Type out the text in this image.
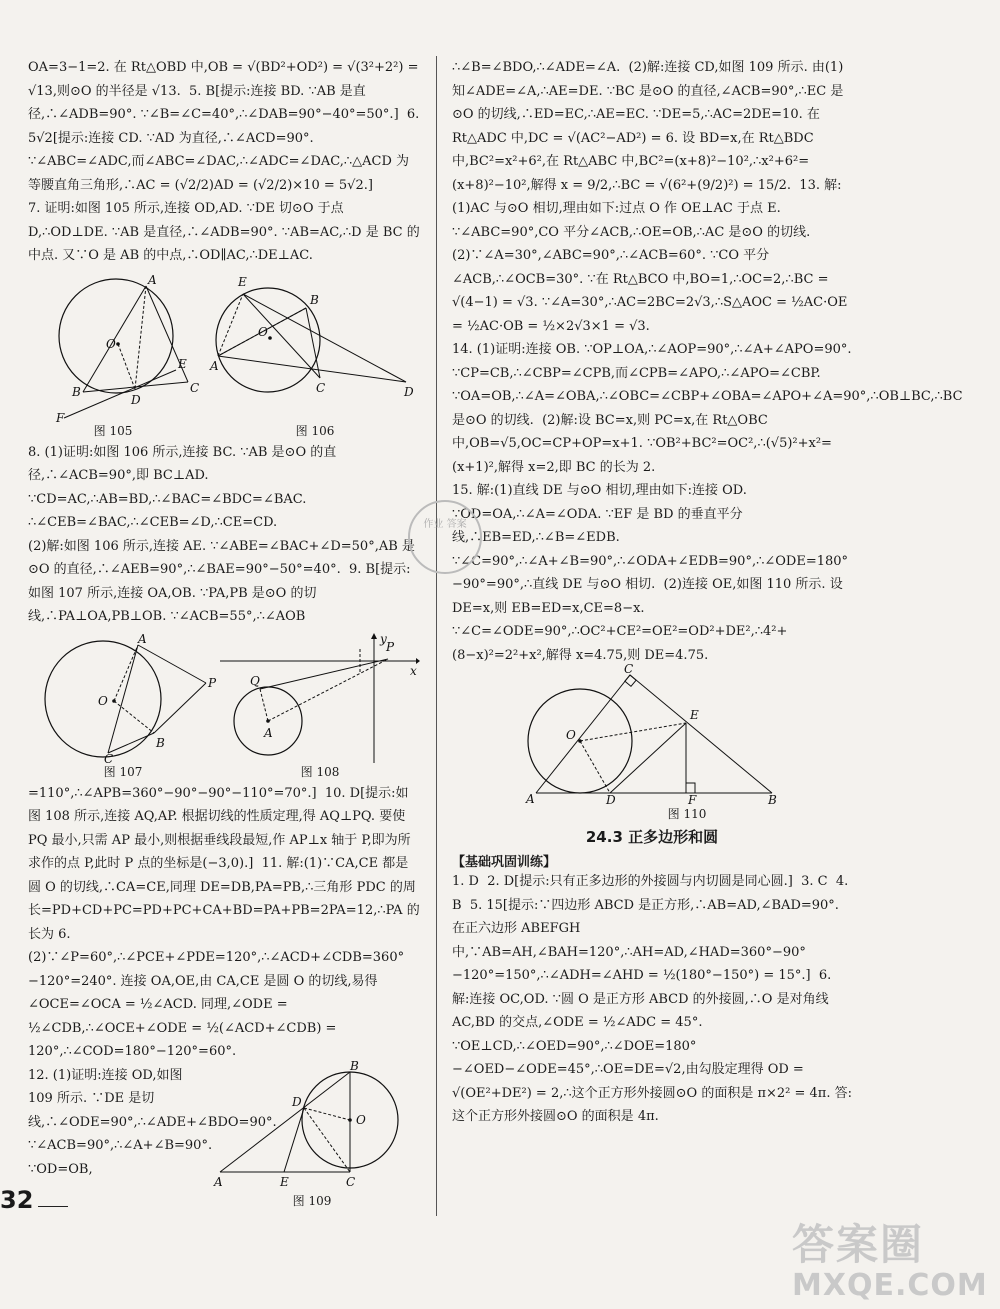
OA=3−1=2. 在 Rt△OBD 中,OB = √(BD²+OD²) = √(3²+2²) = √13,则⊙O 的半径是 √13.  5. B[提示:连接 BD. ∵AB 是直径,∴∠ADB=90°. ∵∠B=∠C=40°,∴∠DAB=90°−40°=50°.]  6. 5√2[提示:连接 CD. ∵AD 为直径,∴∠ACD=90°. ∵∠ABC=∠ADC,而∠ABC=∠DAC,∴∠ADC=∠DAC,∴△ACD 为等腰直角三角形,∴AC = (√2/2)AD = (√2/2)×10 = 5√2.]

7. 证明:如图 105 所示,连接 OD,AD. ∵DE 切⊙O 于点 D,∴OD⊥DE. ∵AB 是直径,∴∠ADB=90°. ∵AB=AC,∴D 是 BC 的中点. 又∵O 是 AB 的中点,∴OD∥AC,∴DE⊥AC.

A
O
E
C
B
D
F
图 105
E
B
O
A
C	D
图 106

8. (1)证明:如图 106 所示,连接 BC. ∵AB 是⊙O 的直径,∴∠ACB=90°,即 BC⊥AD. ∵CD=AC,∴AB=BD,∴∠BAC=∠BDC=∠BAC. ∴∠CEB=∠BAC,∴∠CEB=∠D,∴CE=CD.
(2)解:如图 106 所示,连接 AE. ∵∠ABE=∠BAC+∠D=50°,AB 是⊙O 的直径,∴∠AEB=90°,∴∠BAE=90°−50°=40°.  9. B[提示:如图 107 所示,连接 OA,OB. ∵PA,PB 是⊙O 的切线,∴PA⊥OA,PB⊥OB. ∵∠ACB=55°,∴∠AOB

A
O
P
C
B
图 107
y
P
x
Q
A
图 108

=110°,∴∠APB=360°−90°−90°−110°=70°.]  10. D[提示:如图 108 所示,连接 AQ,AP. 根据切线的性质定理,得 AQ⊥PQ. 要使 PQ 最小,只需 AP 最小,则根据垂线段最短,作 AP⊥x 轴于 P,即为所求作的点 P,此时 P 点的坐标是(−3,0).]  11. 解:(1)∵CA,CE 都是圆 O 的切线,∴CA=CE,同理 DE=DB,PA=PB,∴三角形 PDC 的周长=PD+CD+PC=PD+PC+CA+BD=PA+PB=2PA=12,∴PA 的长为 6.  (2)∵∠P=60°,∴∠PCE+∠PDE=120°,∴∠ACD+∠CDB=360°−120°=240°. 连接 OA,OE,由 CA,CE 是圆 O 的切线,易得∠OCE=∠OCA = ½∠ACD. 同理,∠ODE = ½∠CDB,∴∠OCE+∠ODE = ½(∠ACD+∠CDB) = 120°,∴∠COD=180°−120°=60°.

12. (1)证明:连接 OD,如图 109 所示. ∵DE 是切线,∴∠ODE=90°,∴∠ADE+∠BDO=90°. ∵∠ACB=90°,∴∠A+∠B=90°. ∵OD=OB,

D
O
A	E	C
B
图 109

∴∠B=∠BDO,∴∠ADE=∠A.  (2)解:连接 CD,如图 109 所示. 由(1)知∠ADE=∠A,∴AE=DE. ∵BC 是⊙O 的直径,∠ACB=90°,∴EC 是⊙O 的切线,∴ED=EC,∴AE=EC. ∵DE=5,∴AC=2DE=10. 在 Rt△ADC 中,DC = √(AC²−AD²) = 6. 设 BD=x,在 Rt△BDC 中,BC²=x²+6²,在 Rt△ABC 中,BC²=(x+8)²−10²,∴x²+6²=(x+8)²−10²,解得 x = 9/2,∴BC = √(6²+(9/2)²) = 15/2.  13. 解:(1)AC 与⊙O 相切,理由如下:过点 O 作 OE⊥AC 于点 E. ∵∠ABC=90°,CO 平分∠ACB,∴OE=OB,∴AC 是⊙O 的切线.  (2)∵∠A=30°,∠ABC=90°,∴∠ACB=60°. ∵CO 平分∠ACB,∴∠OCB=30°. ∵在 Rt△BCO 中,BO=1,∴OC=2,∴BC = √(4−1) = √3. ∵∠A=30°,∴AC=2BC=2√3,∴S△AOC = ½AC·OE = ½AC·OB = ½×2√3×1 = √3.

14. (1)证明:连接 OB. ∵OP⊥OA,∴∠AOP=90°,∴∠A+∠APO=90°. ∵CP=CB,∴∠CBP=∠CPB,而∠CPB=∠APO,∴∠APO=∠CBP. ∵OA=OB,∴∠A=∠OBA,∴∠OBC=∠CBP+∠OBA=∠APO+∠A=90°,∴OB⊥BC,∴BC 是⊙O 的切线.  (2)解:设 BC=x,则 PC=x,在 Rt△OBC 中,OB=√5,OC=CP+OP=x+1. ∵OB²+BC²=OC²,∴(√5)²+x²=(x+1)²,解得 x=2,即 BC 的长为 2.

15. 解:(1)直线 DE 与⊙O 相切,理由如下:连接 OD. ∵OD=OA,∴∠A=∠ODA. ∵EF 是 BD 的垂直平分线,∴EB=ED,∴∠B=∠EDB. ∵∠C=90°,∴∠A+∠B=90°,∴∠ODA+∠EDB=90°,∴∠ODE=180°−90°=90°,∴直线 DE 与⊙O 相切.  (2)连接 OE,如图 110 所示. 设 DE=x,则 EB=ED=x,CE=8−x. ∵∠C=∠ODE=90°,∴OC²+CE²=OE²=OD²+DE²,∴4²+(8−x)²=2²+x²,解得 x=4.75,则 DE=4.75.

C
E
O
A	D	F	B
图 110
24.3 正多边形和圆
【基础巩固训练】

1. D  2. D[提示:只有正多边形的外接圆与内切圆是同心圆.]  3. C  4. B  5. 15[提示:∵四边形 ABCD 是正方形,∴AB=AD,∠BAD=90°. 在正六边形 ABEFGH 中,∵AB=AH,∠BAH=120°,∴AH=AD,∠HAD=360°−90°−120°=150°,∴∠ADH=∠AHD = ½(180°−150°) = 15°.]  6. 解:连接 OC,OD. ∵圆 O 是正方形 ABCD 的外接圆,∴O 是对角线 AC,BD 的交点,∠ODE = ½∠ADC = 45°. ∵OE⊥CD,∴∠OED=90°,∴∠DOE=180°−∠OED−∠ODE=45°,∴OE=DE=√2,由勾股定理得 OD = √(OE²+DE²) = 2,∴这个正方形外接圆⊙O 的面积是 π×2² = 4π. 答:这个正方形外接圆⊙O 的面积是 4π.

32
作业 答案
答案圈
MXQE.COM
